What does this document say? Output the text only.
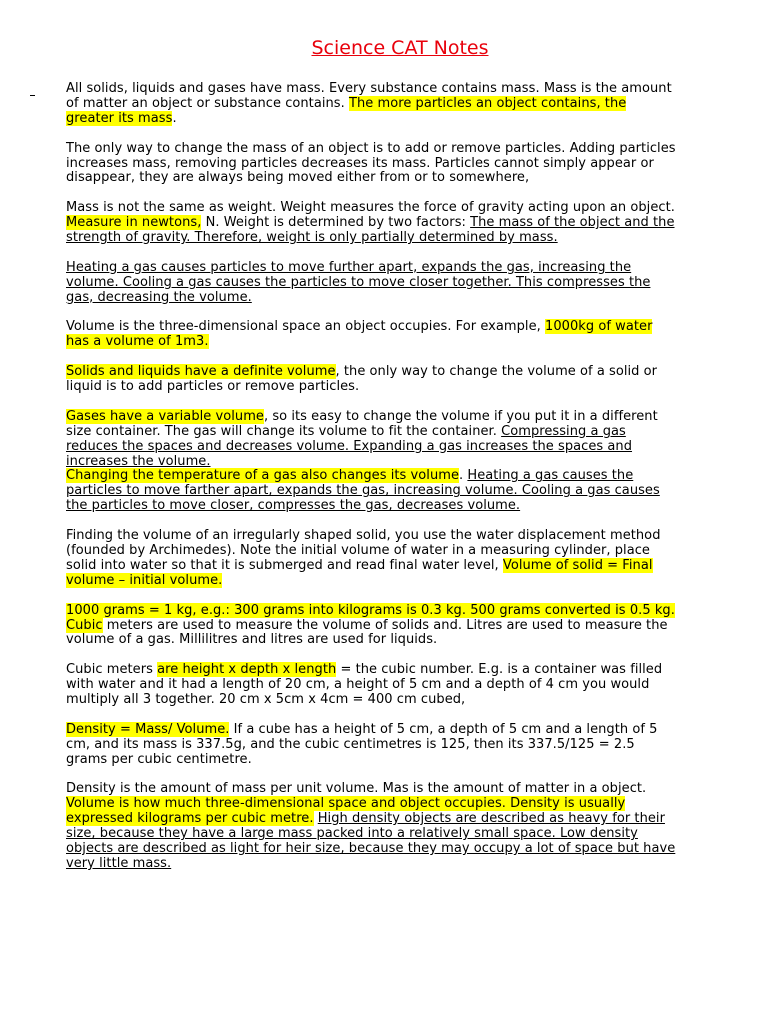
Science CAT Notes

All solids, liquids and gases have mass. Every substance contains mass. Mass is the amount of matter an object or substance contains. The more particles an object contains, the greater its mass.

The only way to change the mass of an object is to add or remove particles. Adding particles increases mass, removing particles decreases its mass. Particles cannot simply appear or disappear, they are always being moved either from or to somewhere,

Mass is not the same as weight. Weight measures the force of gravity acting upon an object. Measure in newtons, N. Weight is determined by two factors: The mass of the object and the strength of gravity. Therefore, weight is only partially determined by mass.

Heating a gas causes particles to move further apart, expands the gas, increasing the volume. Cooling a gas causes the particles to move closer together. This compresses the gas, decreasing the volume.

Volume is the three-dimensional space an object occupies. For example, 1000kg of water has a volume of 1m3.

Solids and liquids have a definite volume, the only way to change the volume of a solid or liquid is to add particles or remove particles.

Gases have a variable volume, so its easy to change the volume if you put it in a different size container. The gas will change its volume to fit the container. Compressing a gas reduces the spaces and decreases volume. Expanding a gas increases the spaces and increases the volume.

Changing the temperature of a gas also changes its volume. Heating a gas causes the particles to move farther apart, expands the gas, increasing volume. Cooling a gas causes the particles to move closer, compresses the gas, decreases volume.

Finding the volume of an irregularly shaped solid, you use the water displacement method (founded by Archimedes). Note the initial volume of water in a measuring cylinder, place solid into water so that it is submerged and read final water level, Volume of solid = Final volume – initial volume.

1000 grams = 1 kg, e.g.: 300 grams into kilograms is 0.3 kg. 500 grams converted is 0.5 kg. Cubic meters are used to measure the volume of solids and. Litres are used to measure the volume of a gas. Millilitres and litres are used for liquids.

Cubic meters are height x depth x length = the cubic number. E.g. is a container was filled with water and it had a length of 20 cm, a height of 5 cm and a depth of 4 cm you would multiply all 3 together. 20 cm x 5cm x 4cm = 400 cm cubed,

Density = Mass/ Volume. If a cube has a height of 5 cm, a depth of 5 cm and a length of 5 cm, and its mass is 337.5g, and the cubic centimetres is 125, then its 337.5/125 = 2.5 grams per cubic centimetre.

Density is the amount of mass per unit volume. Mas is the amount of matter in a object. Volume is how much three-dimensional space and object occupies. Density is usually expressed kilograms per cubic metre. High density objects are described as heavy for their size, because they have a large mass packed into a relatively small space. Low density objects are described as light for heir size, because they may occupy a lot of space but have very little mass.
